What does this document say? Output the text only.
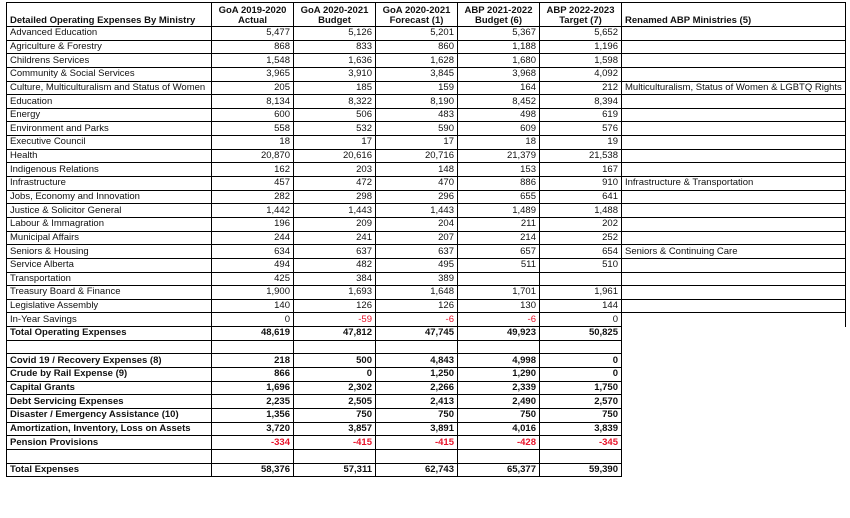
Detailed Operating Expenses By Ministry	GoA 2019-2020 Actual	GoA 2020-2021 Budget	GoA 2020-2021 Forecast (1)	ABP 2021-2022 Budget (6)	ABP 2022-2023 Target (7)	Renamed ABP Ministries (5)
Advanced Education	5,477	5,126	5,201	5,367	5,652	
Agriculture & Forestry	868	833	860	1,188	1,196	
Childrens Services	1,548	1,636	1,628	1,680	1,598	
Community & Social Services	3,965	3,910	3,845	3,968	4,092	
Culture, Multiculturalism and Status of Women	205	185	159	164	212	Multiculturalism, Status of Women & LGBTQ Rights
Education	8,134	8,322	8,190	8,452	8,394	
Energy	600	506	483	498	619	
Environment and Parks	558	532	590	609	576	
Executive Council	18	17	17	18	19	
Health	20,870	20,616	20,716	21,379	21,538	
Indigenous Relations	162	203	148	153	167	
Infrastructure	457	472	470	886	910	Infrastructure & Transportation
Jobs, Economy and Innovation	282	298	296	655	641	
Justice & Solicitor General	1,442	1,443	1,443	1,489	1,488	
Labour & Immagration	196	209	204	211	202	
Municipal Affairs	244	241	207	214	252	
Seniors & Housing	634	637	637	657	654	Seniors & Continuing Care
Service Alberta	494	482	495	511	510	
Transportation	425	384	389			
Treasury Board & Finance	1,900	1,693	1,648	1,701	1,961	
Legislative Assembly	140	126	126	130	144	
In-Year Savings	0	-59	-6	-6	0	
Total Operating Expenses	48,619	47,812	47,745	49,923	50,825	

Covid 19 / Recovery Expenses (8)	218	500	4,843	4,998	0	
Crude by Rail Expense (9)	866	0	1,250	1,290	0	
Capital Grants	1,696	2,302	2,266	2,339	1,750	
Debt Servicing Expenses	2,235	2,505	2,413	2,490	2,570	
Disaster / Emergency Assistance (10)	1,356	750	750	750	750	
Amortization, Inventory, Loss on Assets	3,720	3,857	3,891	4,016	3,839	
Pension Provisions	-334	-415	-415	-428	-345	

Total Expenses	58,376	57,311	62,743	65,377	59,390	
